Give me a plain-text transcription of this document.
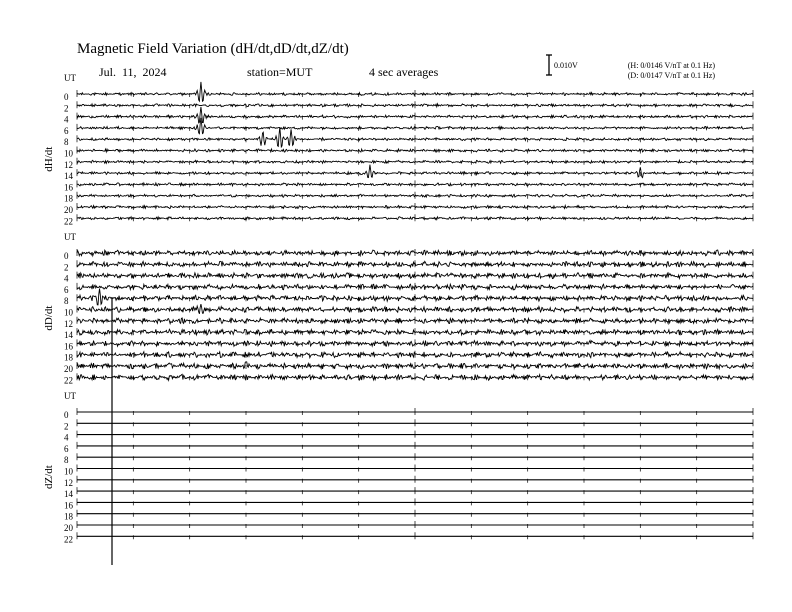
Magnetic Field Variation (dH/dt,dD/dt,dZ/dt)
Jul. 11, 2024	station=MUT	4 sec averages	0.010V	(H: 0/0146 V/nT at 0.1 Hz)
(D: 0/0147 V/nT at 0.1 Hz)
UT
dH/dt
0
2
4
6
8
10
12
14
16
18
20
22
UT
dD/dt
0
2
4
6
8
10
12
14
16
18
20
22
UT
dZ/dt
0
2
4
6
8
10
12
14
16
18
20
22
